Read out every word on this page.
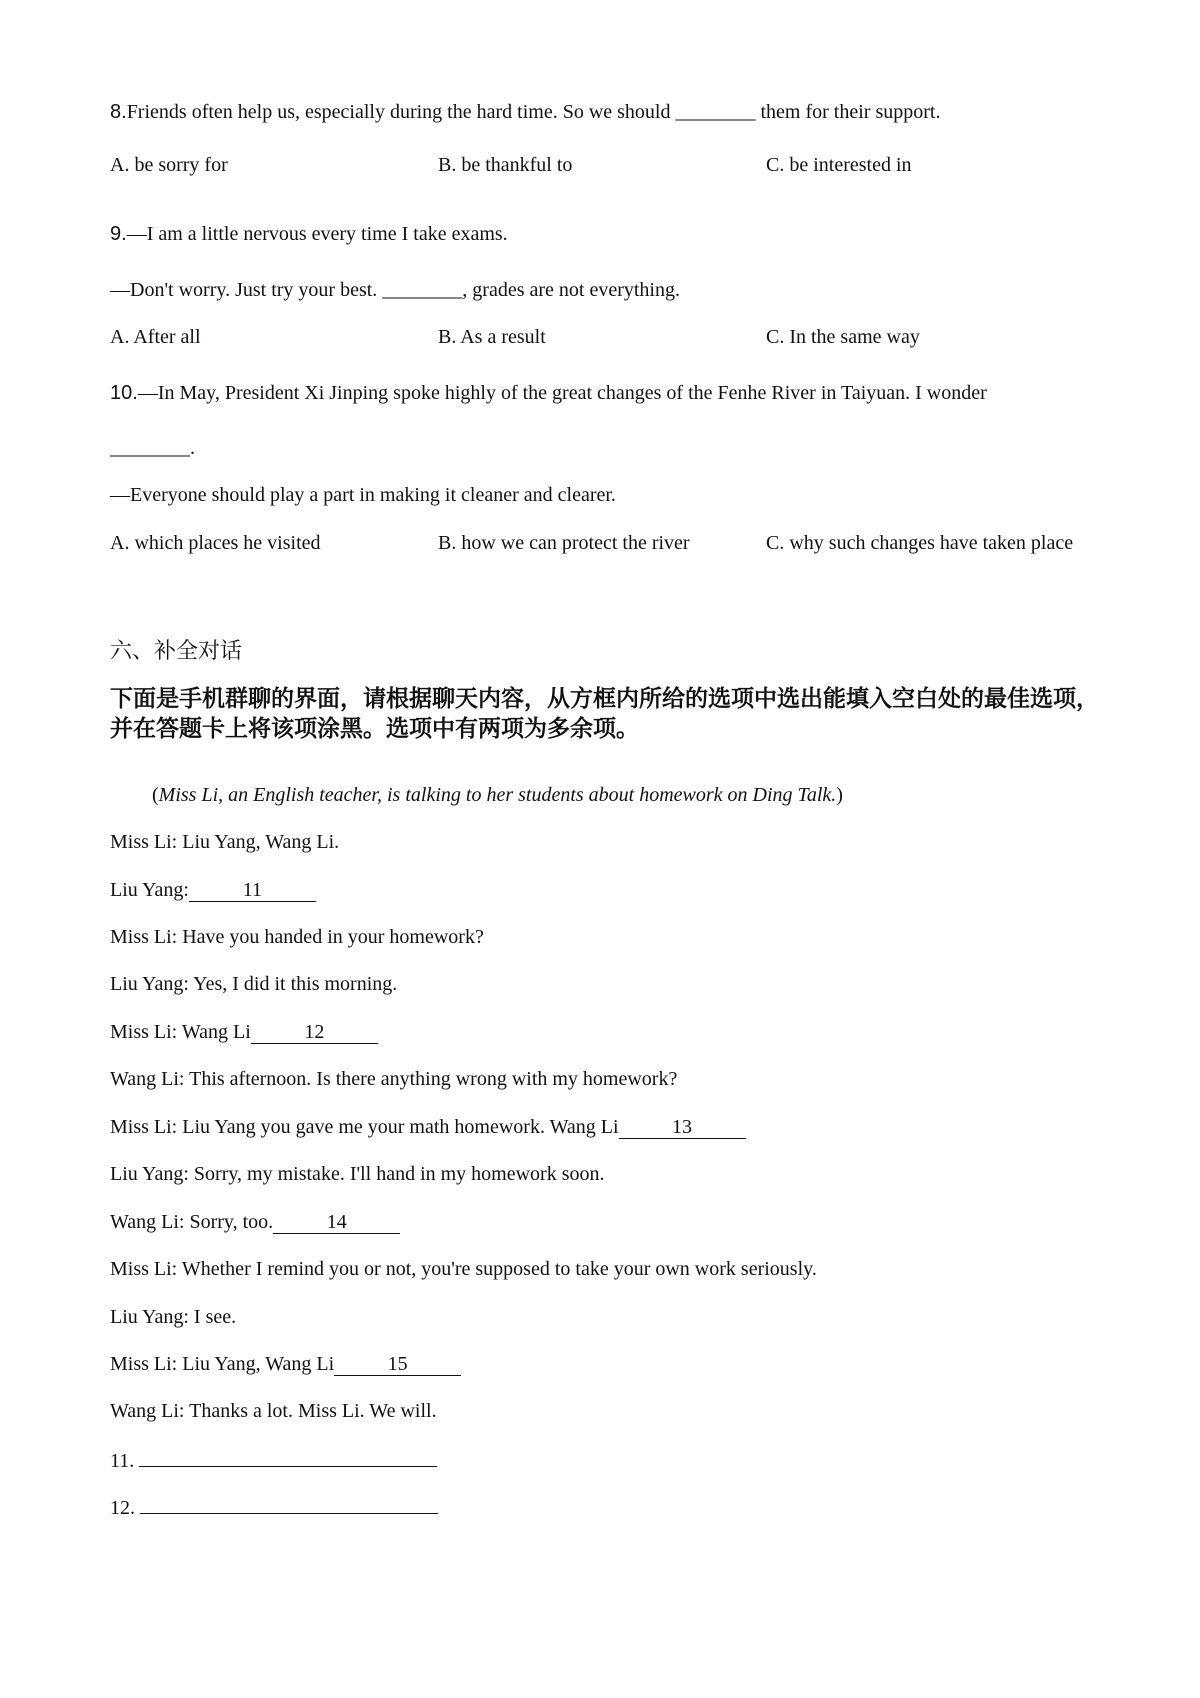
8.Friends often help us, especially during the hard time. So we should ________ them for their support.
A. be sorry for	B. be thankful to	C. be interested in
9.—I am a little nervous every time I take exams.
—Don't worry. Just try your best. ________, grades are not everything.
A. After all	B. As a result	C. In the same way
10.—In May, President Xi Jinping spoke highly of the great changes of the Fenhe River in Taiyuan. I wonder
________.
—Everyone should play a part in making it cleaner and clearer.
A. which places he visited	B. how we can protect the river	C. why such changes have taken place
六、补全对话
下面是手机群聊的界面，请根据聊天内容，从方框内所给的选项中选出能填入空白处的最佳选项，并在答题卡上将该项涂黑。选项中有两项为多余项。
(Miss Li, an English teacher, is talking to her students about homework on Ding Talk.)
Miss Li: Liu Yang, Wang Li.
Liu Yang:	11
Miss Li: Have you handed in your homework?
Liu Yang: Yes, I did it this morning.
Miss Li: Wang Li	12
Wang Li: This afternoon. Is there anything wrong with my homework?
Miss Li: Liu Yang you gave me your math homework. Wang Li	13
Liu Yang: Sorry, my mistake. I'll hand in my homework soon.
Wang Li: Sorry, too.	14
Miss Li: Whether I remind you or not, you're supposed to take your own work seriously.
Liu Yang: I see.
Miss Li: Liu Yang, Wang Li	15
Wang Li: Thanks a lot. Miss Li. We will.
11.
12.
